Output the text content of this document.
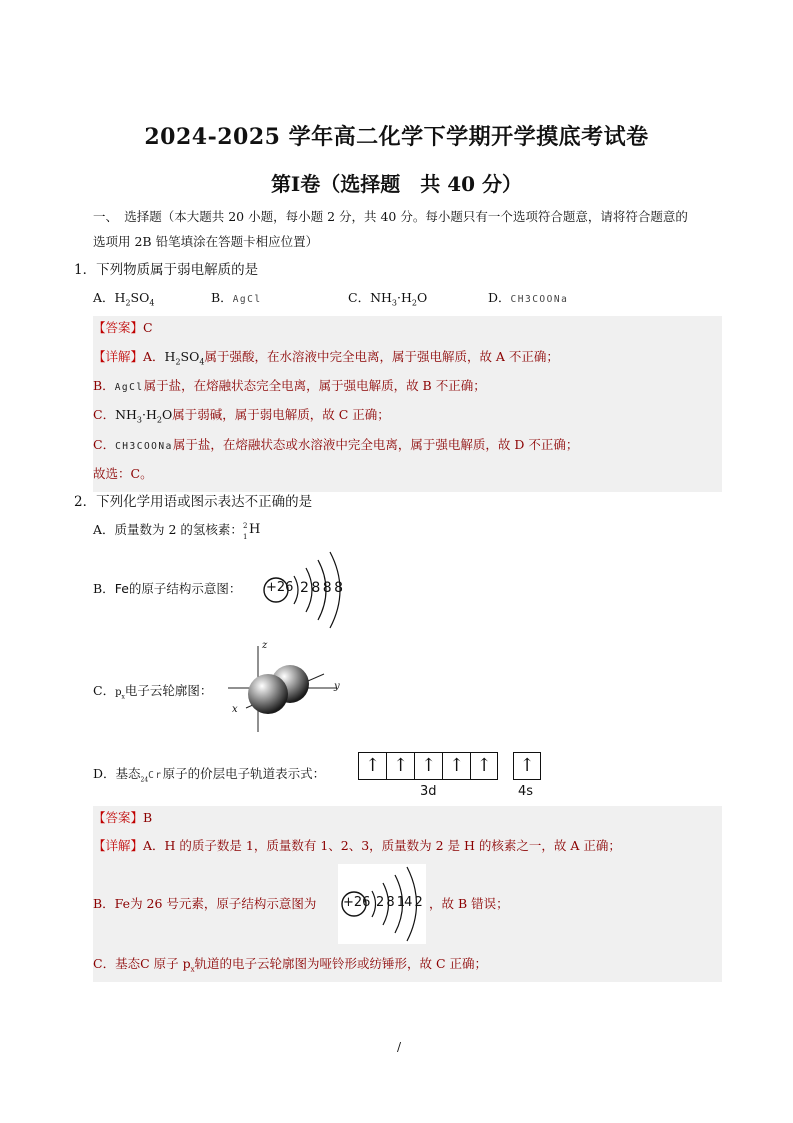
2024-2025 学年高二化学下学期开学摸底考试卷
第Ⅰ卷（选择题　共 40 分）
一、　选择题（本大题共 20 小题，每小题 2 分，共 40 分。每小题只有一个选项符合题意，请将符合题意的
选项用 2B 铅笔填涂在答题卡相应位置）
1．下列物质属于弱电解质的是
A．$H_2SO_4$	B．AgCl	C．$NH_3\cdot H_2O$	D．CH3COONa
【答案】C
【详解】A．$H_2SO_4$属于强酸，在水溶液中完全电离，属于强电解质，故 A 不正确；
B．AgCl属于盐，在熔融状态完全电离，属于强电解质，故 B 不正确；
C．$NH_3\cdot H_2O$属于弱碱，属于弱电解质，故 C 正确；
C．CH3COONa属于盐，在熔融状态或水溶液中完全电离，属于强电解质，故 D 不正确；
故选：C。
2．下列化学用语或图示表达不正确的是
A．质量数为 2 的氢核素： 2
1 H
B．Fe的原子结构示意图： +26 2 8 8 8
C．$p_x$电子云轮廓图：
z
y
x
D．基态$_{24}$Cr原子的价层电子轨道表示式：	↑ ↑ ↑ ↑ ↑	↑
3d	4s
【答案】B
【详解】A．H 的质子数是 1，质量数有 1、2、3，质量数为 2 是 H 的核素之一，故 A 正确；
B．Fe为 26 号元素，原子结构示意图为 +26 2 8 14 2 ，故 B 错误；
C．基态C 原子 $p_x$轨道的电子云轮廓图为哑铃形或纺锤形，故 C 正确；
/
